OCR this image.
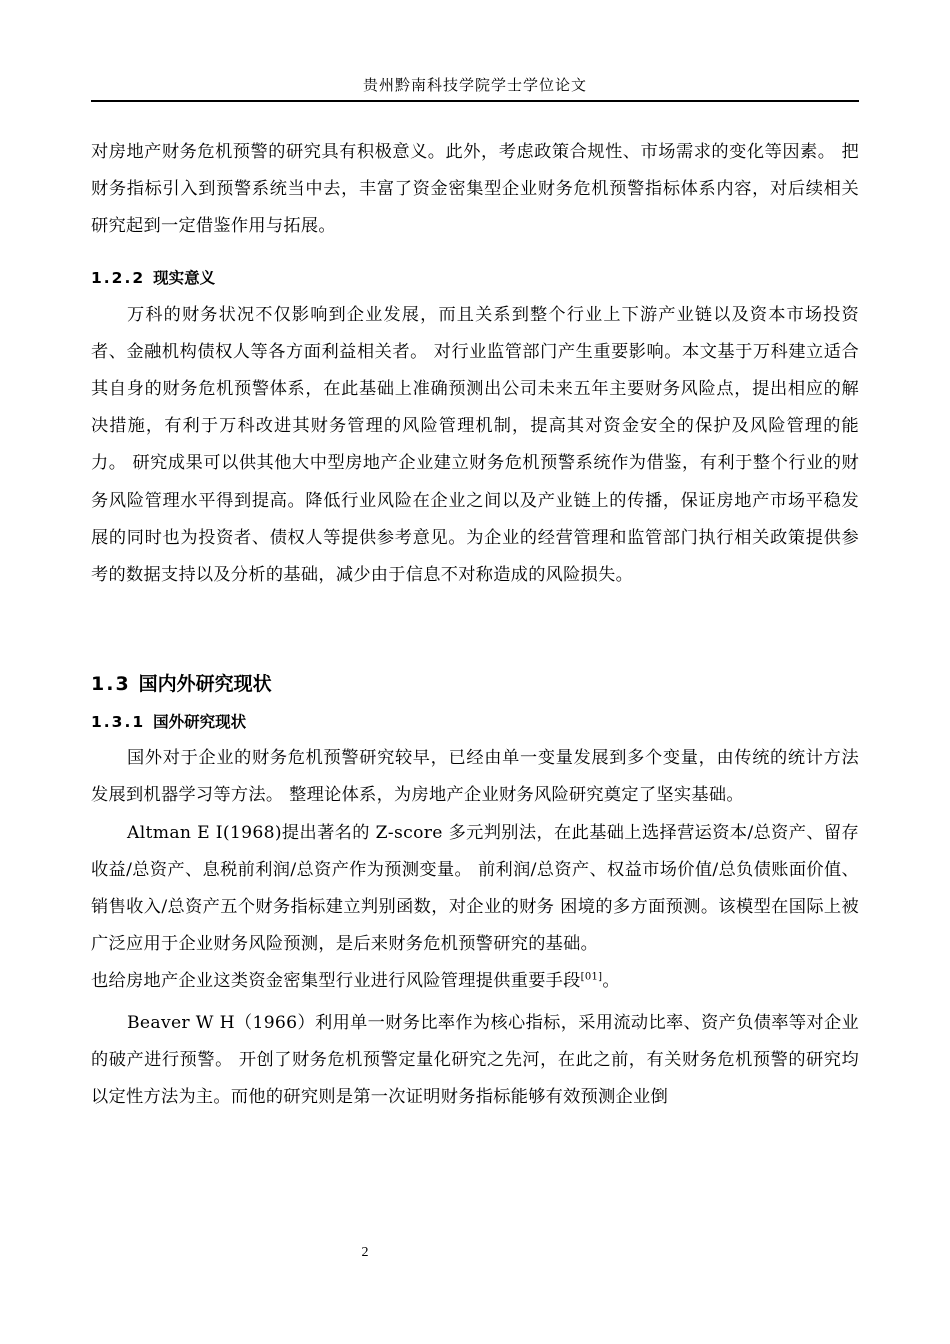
贵州黔南科技学院学士学位论文

对房地产财务危机预警的研究具有积极意义。此外，考虑政策合规性、市场需求的变化等因素。 把财务指标引入到预警系统当中去，丰富了资金密集型企业财务危机预警指标体系内容，对后续相关研究起到一定借鉴作用与拓展。

1.2.2 现实意义

万科的财务状况不仅影响到企业发展，而且关系到整个行业上下游产业链以及资本市场投资者、金融机构债权人等各方面利益相关者。 对行业监管部门产生重要影响。本文基于万科建立适合其自身的财务危机预警体系，在此基础上准确预测出公司未来五年主要财务风险点，提出相应的解决措施，有利于万科改进其财务管理的风险管理机制，提高其对资金安全的保护及风险管理的能力。 研究成果可以供其他大中型房地产企业建立财务危机预警系统作为借鉴，有利于整个行业的财务风险管理水平得到提高。降低行业风险在企业之间以及产业链上的传播，保证房地产市场平稳发展的同时也为投资者、债权人等提供参考意见。为企业的经营管理和监管部门执行相关政策提供参考的数据支持以及分析的基础，减少由于信息不对称造成的风险损失。

1.3 国内外研究现状
1.3.1 国外研究现状

国外对于企业的财务危机预警研究较早，已经由单一变量发展到多个变量，由传统的统计方法发展到机器学习等方法。 整理论体系，为房地产企业财务风险研究奠定了坚实基础。

Altman E I(1968)提出著名的 Z-score 多元判别法，在此基础上选择营运资本/总资产、留存收益/总资产、息税前利润/总资产作为预测变量。 前利润/总资产、权益市场价值/总负债账面价值、销售收入/总资产五个财务指标建立判别函数，对企业的财务 困境的多方面预测。该模型在国际上被广泛应用于企业财务风险预测，是后来财务危机预警研究的基础。

也给房地产企业这类资金密集型行业进行风险管理提供重要手段[01]。

Beaver W H（1966）利用单一财务比率作为核心指标，采用流动比率、资产负债率等对企业的破产进行预警。 开创了财务危机预警定量化研究之先河，在此之前，有关财务危机预警的研究均以定性方法为主。而他的研究则是第一次证明财务指标能够有效预测企业倒

2
